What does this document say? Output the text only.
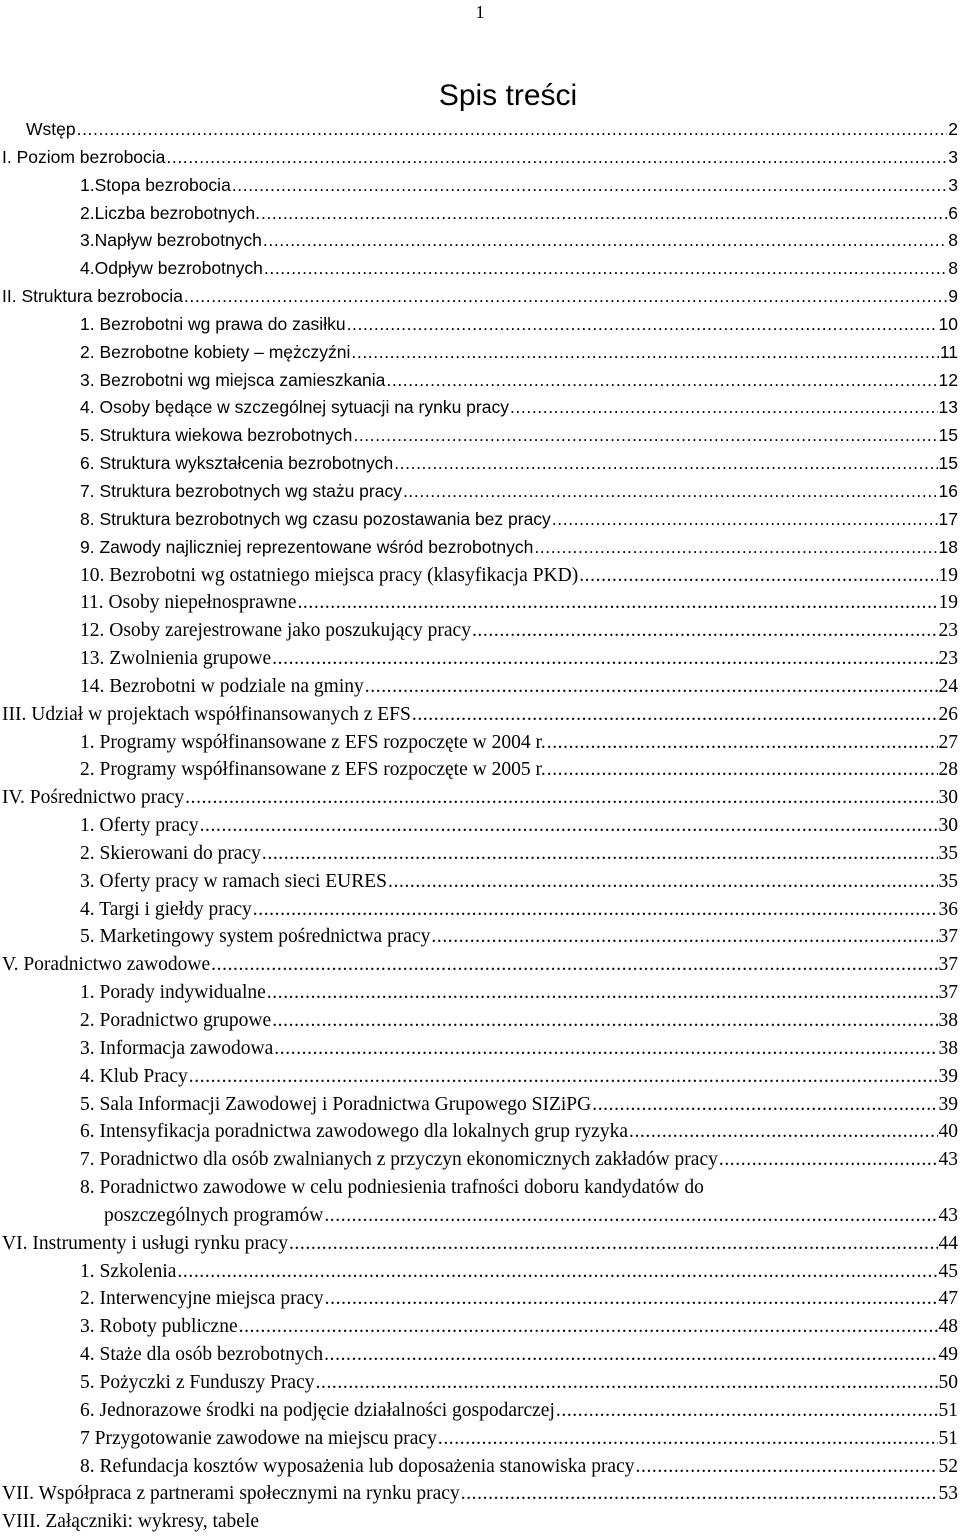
1
Spis treści
Wstęp .....	2
I. Poziom bezrobocia .....	3
1.Stopa bezrobocia .....	3
2.Liczba bezrobotnych. .....	6
3.Napływ bezrobotnych .....	8
4.Odpływ bezrobotnych .....	8
II. Struktura bezrobocia .....	9
1. Bezrobotni wg prawa do zasiłku .....	10
2. Bezrobotne kobiety – mężczyźni .....	11
3. Bezrobotni wg miejsca zamieszkania .....	12
4. Osoby będące w szczególnej sytuacji na rynku pracy .....	13
5. Struktura wiekowa bezrobotnych .....	15
6. Struktura wykształcenia bezrobotnych .....	15
7. Struktura bezrobotnych wg stażu pracy .....	16
8. Struktura bezrobotnych wg czasu pozostawania bez pracy .....	17
9. Zawody najliczniej reprezentowane wśród bezrobotnych .....	18
10. Bezrobotni wg ostatniego miejsca pracy (klasyfikacja PKD) .....	19
11. Osoby niepełnosprawne .....	19
12. Osoby zarejestrowane jako poszukujący pracy .....	23
13. Zwolnienia grupowe .....	23
14. Bezrobotni w podziale na gminy .....	24
III. Udział w projektach współfinansowanych z EFS .....	26
1. Programy współfinansowane z EFS rozpoczęte w 2004 r. .....	27
2. Programy współfinansowane z EFS rozpoczęte w 2005 r. .....	28
IV. Pośrednictwo pracy .....	30
1. Oferty pracy .....	30
2. Skierowani do pracy .....	35
3. Oferty pracy w ramach sieci EURES .....	35
4. Targi i giełdy pracy .....	36
5. Marketingowy system pośrednictwa pracy .....	37
V. Poradnictwo zawodowe .....	37
1. Porady indywidualne .....	37
2. Poradnictwo grupowe .....	38
3. Informacja zawodowa .....	38
4. Klub Pracy .....	39
5. Sala Informacji Zawodowej i Poradnictwa Grupowego SIZiPG .....	39
6. Intensyfikacja poradnictwa zawodowego dla lokalnych grup ryzyka .....	40
7. Poradnictwo dla osób zwalnianych z przyczyn ekonomicznych zakładów pracy .....	43
8. Poradnictwo zawodowe w celu podniesienia trafności doboru kandydatów do
poszczególnych programów .....	43
VI. Instrumenty i usługi rynku pracy .....	44
1. Szkolenia .....	45
2. Interwencyjne miejsca pracy .....	47
3. Roboty publiczne .....	48
4. Staże dla osób bezrobotnych .....	49
5. Pożyczki z Funduszy Pracy .....	50
6. Jednorazowe środki na podjęcie działalności gospodarczej .....	51
7 Przygotowanie zawodowe na miejscu pracy .....	51
8. Refundacja kosztów wyposażenia lub doposażenia stanowiska pracy .....	52
VII. Współpraca z partnerami społecznymi na rynku pracy .....	53
VIII. Załączniki: wykresy, tabele
